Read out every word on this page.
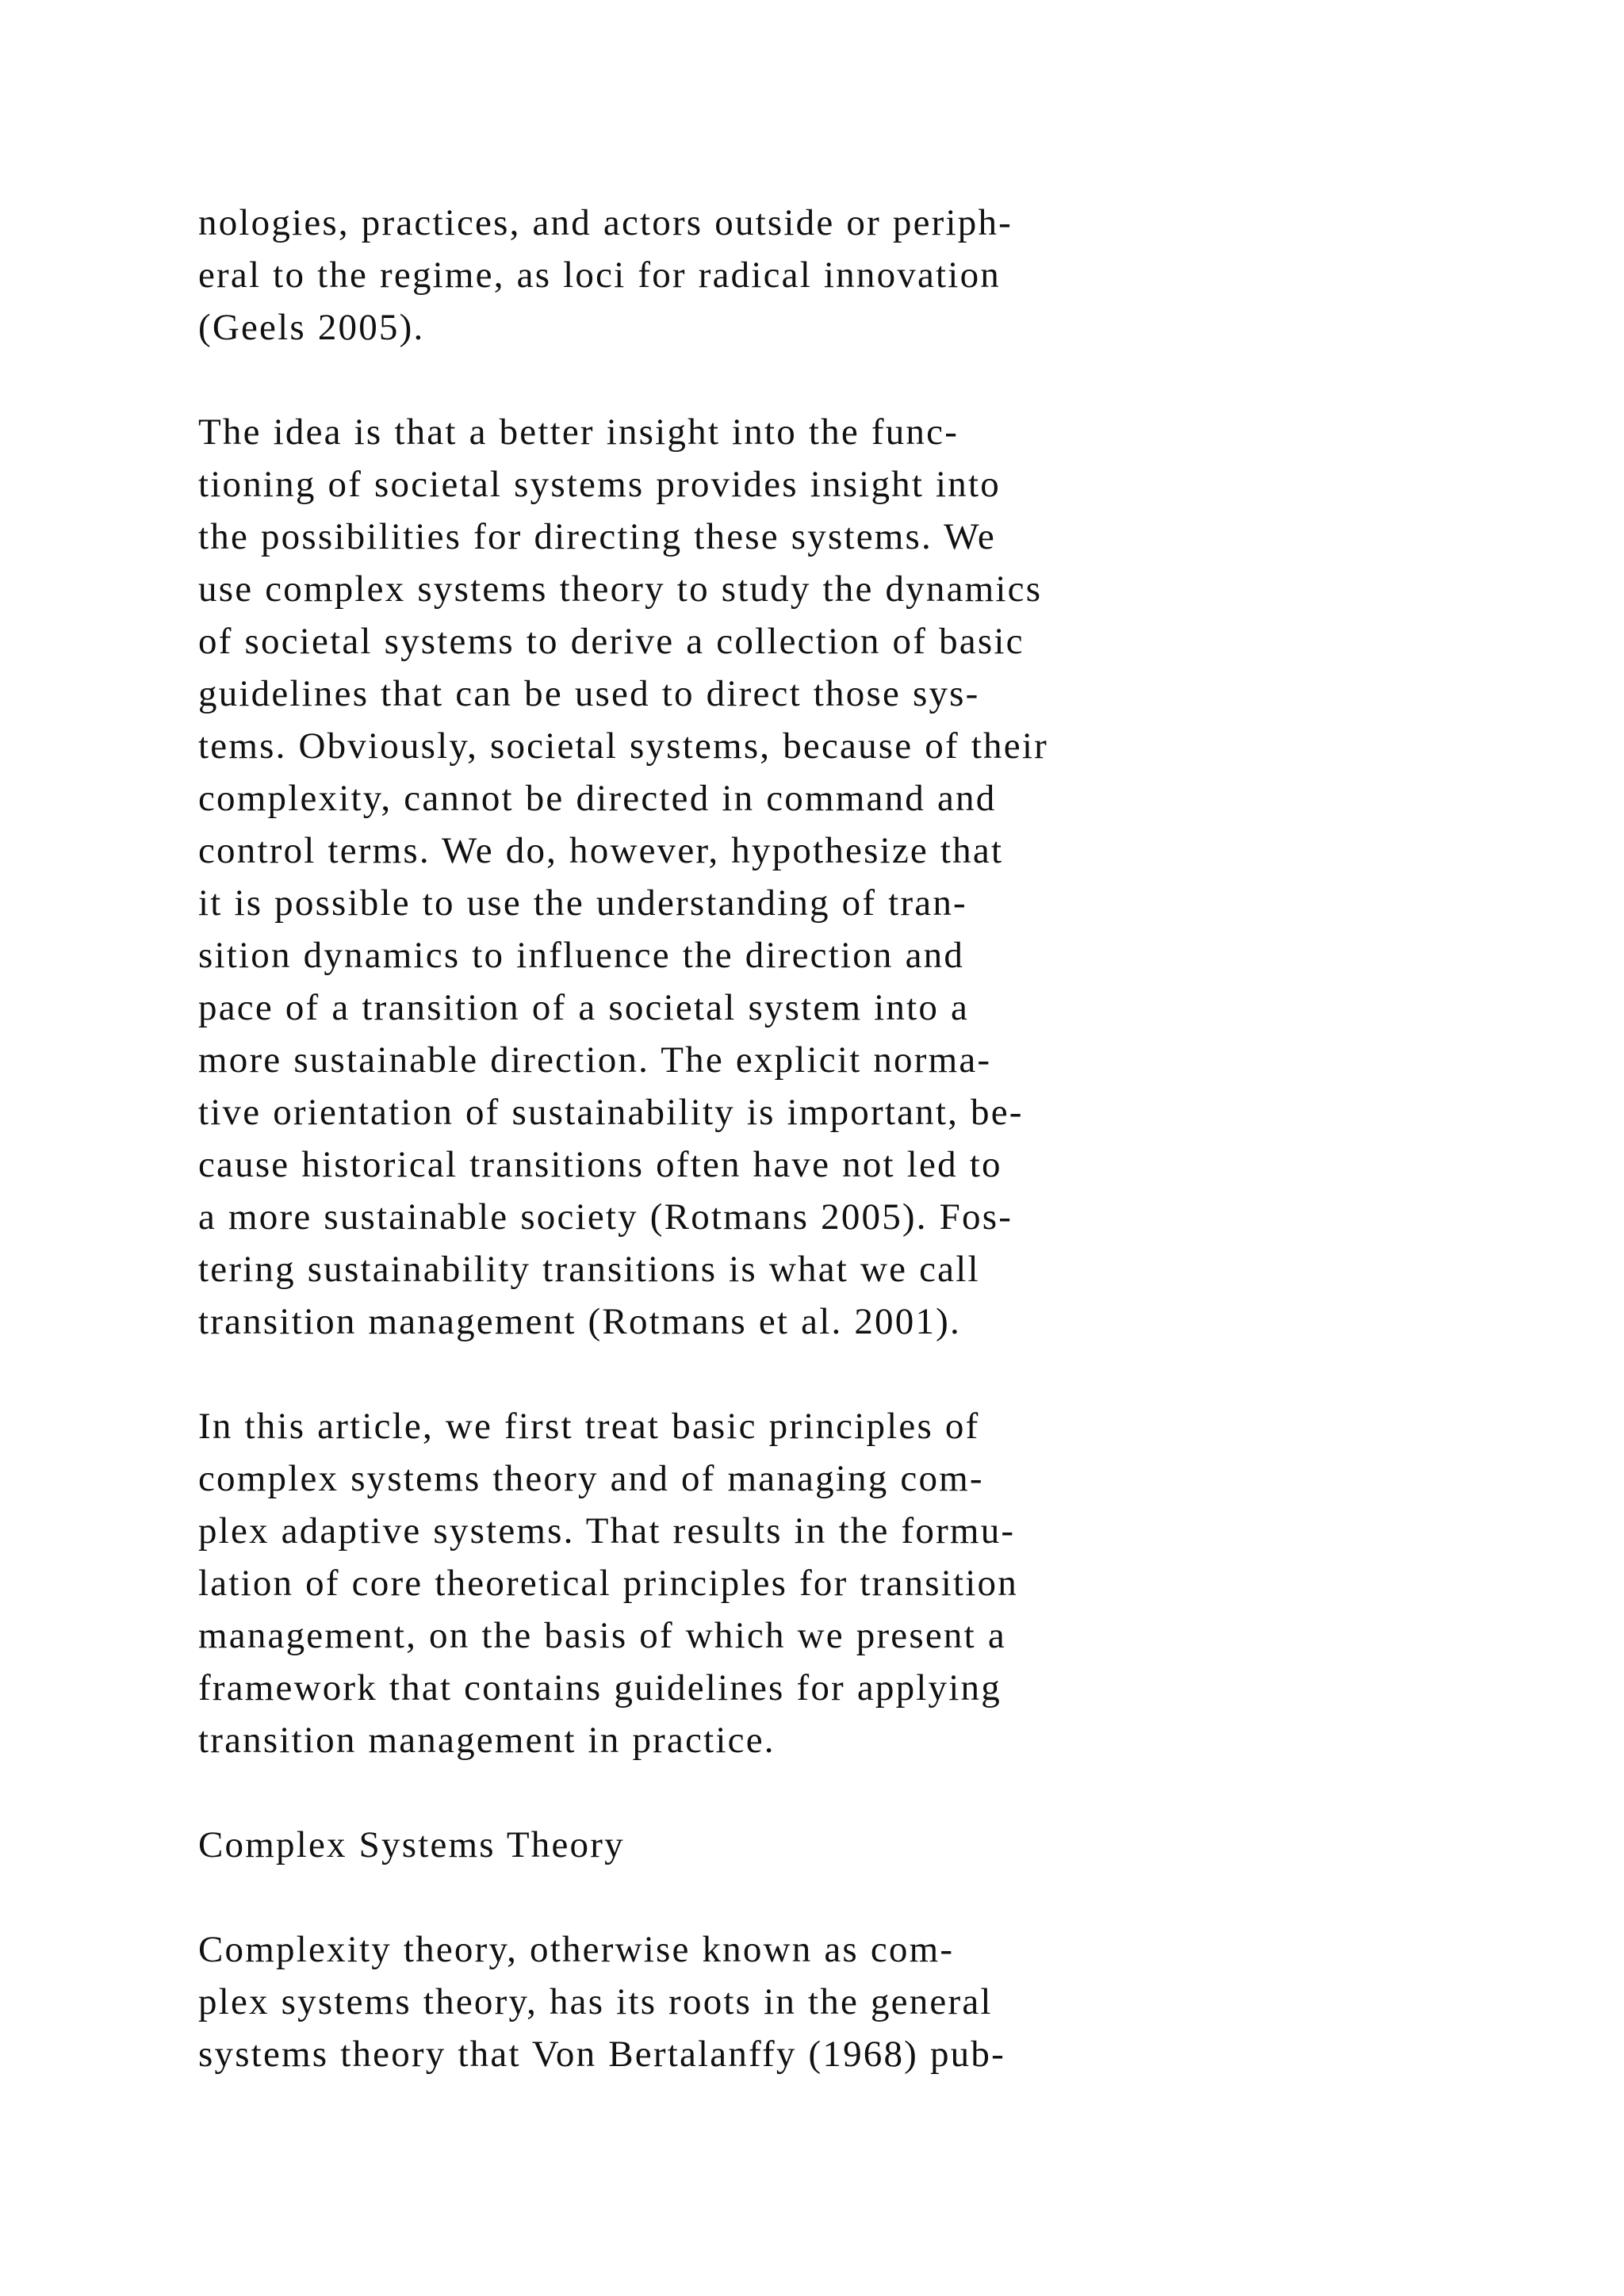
nologies, practices, and actors outside or periph-
eral to the regime, as loci for radical innovation
(Geels 2005).
The idea is that a better insight into the func-
tioning of societal systems provides insight into
the possibilities for directing these systems. We
use complex systems theory to study the dynamics
of societal systems to derive a collection of basic
guidelines that can be used to direct those sys-
tems. Obviously, societal systems, because of their
complexity, cannot be directed in command and
control terms. We do, however, hypothesize that
it is possible to use the understanding of tran-
sition dynamics to influence the direction and
pace of a transition of a societal system into a
more sustainable direction. The explicit norma-
tive orientation of sustainability is important, be-
cause historical transitions often have not led to
a more sustainable society (Rotmans 2005). Fos-
tering sustainability transitions is what we call
transition management (Rotmans et al. 2001).
In this article, we first treat basic principles of
complex systems theory and of managing com-
plex adaptive systems. That results in the formu-
lation of core theoretical principles for transition
management, on the basis of which we present a
framework that contains guidelines for applying
transition management in practice.
Complex Systems Theory
Complexity theory, otherwise known as com-
plex systems theory, has its roots in the general
systems theory that Von Bertalanffy (1968) pub-
